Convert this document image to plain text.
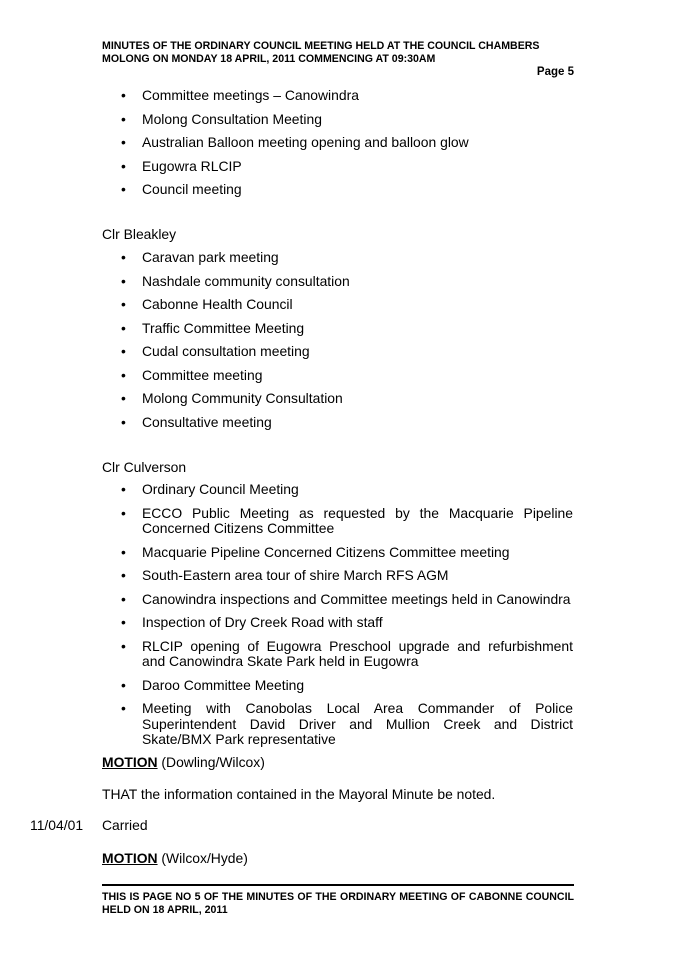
MINUTES OF THE ORDINARY COUNCIL MEETING HELD AT THE COUNCIL CHAMBERS
MOLONG ON MONDAY 18 APRIL, 2011 COMMENCING AT 09:30AM
Page 5
• Committee meetings – Canowindra
• Molong Consultation Meeting
• Australian Balloon meeting opening and balloon glow
• Eugowra RLCIP
• Council meeting
Clr Bleakley
• Caravan park meeting
• Nashdale community consultation
• Cabonne Health Council
• Traffic Committee Meeting
• Cudal consultation meeting
• Committee meeting
• Molong Community Consultation
• Consultative meeting
Clr Culverson
• Ordinary Council Meeting
• ECCO Public Meeting as requested by the Macquarie Pipeline Concerned Citizens Committee
• Macquarie Pipeline Concerned Citizens Committee meeting
• South-Eastern area tour of shire March RFS AGM
• Canowindra inspections and Committee meetings held in Canowindra
• Inspection of Dry Creek Road with staff
• RLCIP opening of Eugowra Preschool upgrade and refurbishment and Canowindra Skate Park held in Eugowra
• Daroo Committee Meeting
• Meeting with Canobolas Local Area Commander of Police Superintendent David Driver and Mullion Creek and District Skate/BMX Park representative
MOTION (Dowling/Wilcox)
THAT the information contained in the Mayoral Minute be noted.
11/04/01 Carried
MOTION (Wilcox/Hyde)
THIS IS PAGE NO 5 OF THE MINUTES OF THE ORDINARY MEETING OF CABONNE COUNCIL HELD ON 18 APRIL, 2011
